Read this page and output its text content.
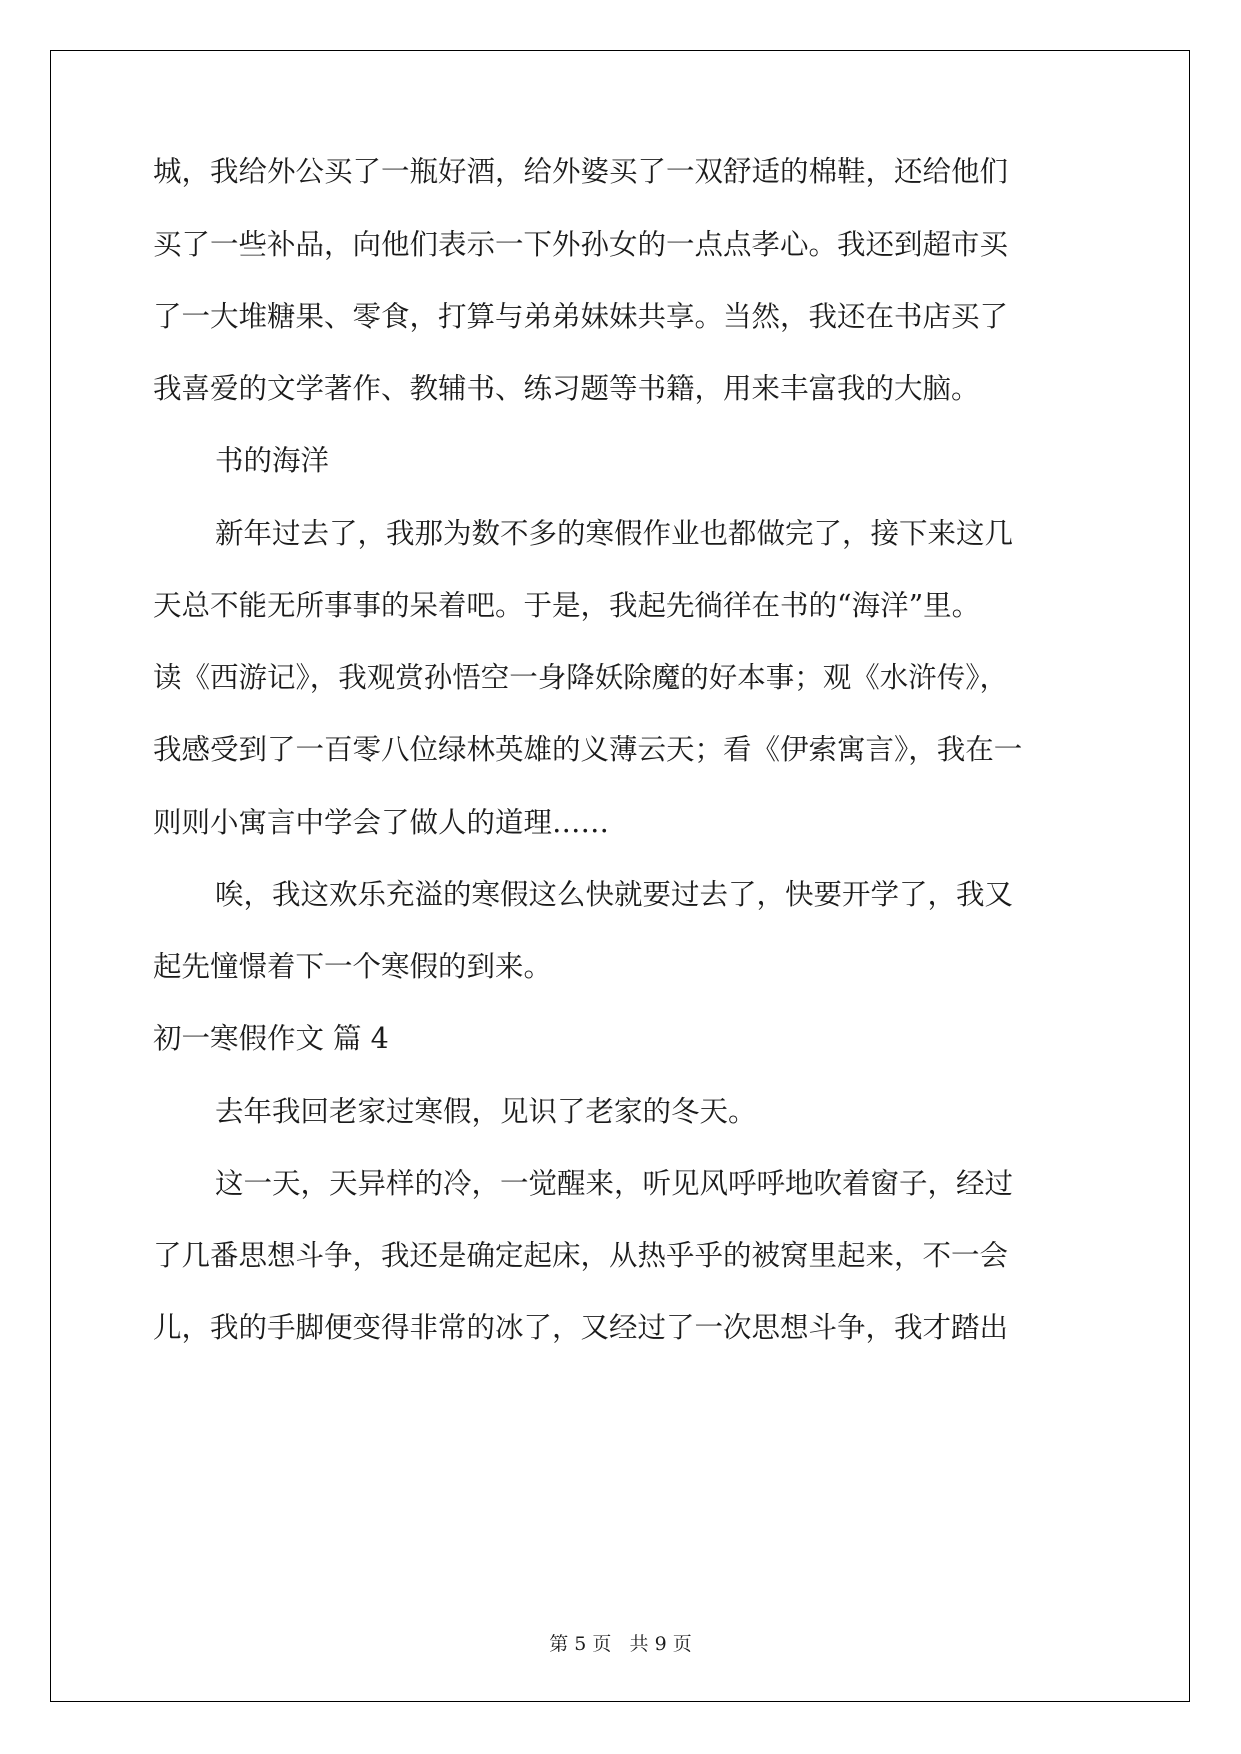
城，我给外公买了一瓶好酒，给外婆买了一双舒适的棉鞋，还给他们
买了一些补品，向他们表示一下外孙女的一点点孝心。我还到超市买
了一大堆糖果、零食，打算与弟弟妹妹共享。当然，我还在书店买了
我喜爱的文学著作、教辅书、练习题等书籍，用来丰富我的大脑。
书的海洋
新年过去了，我那为数不多的寒假作业也都做完了，接下来这几
天总不能无所事事的呆着吧。于是，我起先徜徉在书的“海洋”里。
读《西游记》，我观赏孙悟空一身降妖除魔的好本事；观《水浒传》，
我感受到了一百零八位绿林英雄的义薄云天；看《伊索寓言》，我在一
则则小寓言中学会了做人的道理……
唉，我这欢乐充溢的寒假这么快就要过去了，快要开学了，我又
起先憧憬着下一个寒假的到来。
初一寒假作文 篇 4
去年我回老家过寒假，见识了老家的冬天。
这一天，天异样的冷，一觉醒来，听见风呼呼地吹着窗子，经过
了几番思想斗争，我还是确定起床，从热乎乎的被窝里起来，不一会
儿，我的手脚便变得非常的冰了，又经过了一次思想斗争，我才踏出
第 5 页   共 9 页
